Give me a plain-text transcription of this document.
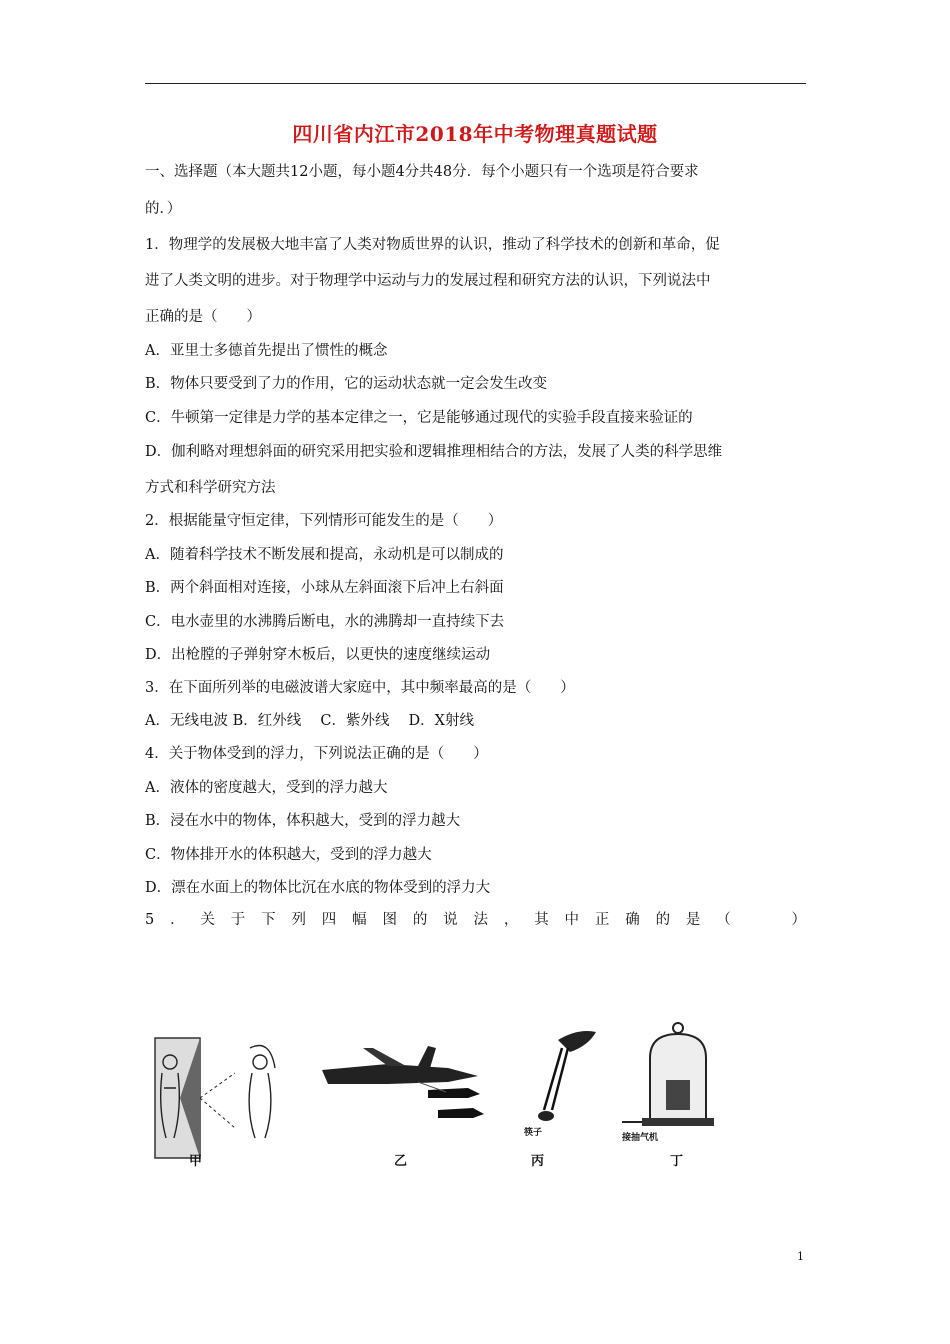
四川省内江市2018年中考物理真题试题
一、选择题（本大题共12小题，每小题4分共48分．每个小题只有一个选项是符合要求
的．）
1．物理学的发展极大地丰富了人类对物质世界的认识，推动了科学技术的创新和革命，促
进了人类文明的进步。对于物理学中运动与力的发展过程和研究方法的认识，下列说法中
正确的是（　　）
A．亚里士多德首先提出了惯性的概念
B．物体只要受到了力的作用，它的运动状态就一定会发生改变
C．牛顿第一定律是力学的基本定律之一，它是能够通过现代的实验手段直接来验证的
D．伽利略对理想斜面的研究采用把实验和逻辑推理相结合的方法，发展了人类的科学思维
方式和科学研究方法
2．根据能量守恒定律，下列情形可能发生的是（　　）
A．随着科学技术不断发展和提高，永动机是可以制成的
B．两个斜面相对连接，小球从左斜面滚下后冲上右斜面
C．电水壶里的水沸腾后断电，水的沸腾却一直持续下去
D．出枪膛的子弹射穿木板后，以更快的速度继续运动
3．在下面所列举的电磁波谱大家庭中，其中频率最高的是（　　）
A．无线电波 B．红外线　 C．紫外线　 D．X射线
4．关于物体受到的浮力，下列说法正确的是（　　）
A．液体的密度越大，受到的浮力越大
B．浸在水中的物体，体积越大，受到的浮力越大
C．物体排开水的体积越大，受到的浮力越大
D．漂在水面上的物体比沉在水底的物体受到的浮力大
5 ． 关 于 下 列 四 幅 图 的 说 法 ， 其 中 正 确 的 是 （
　　	）
甲	乙
筷子
丙
接抽气机
丁
1
